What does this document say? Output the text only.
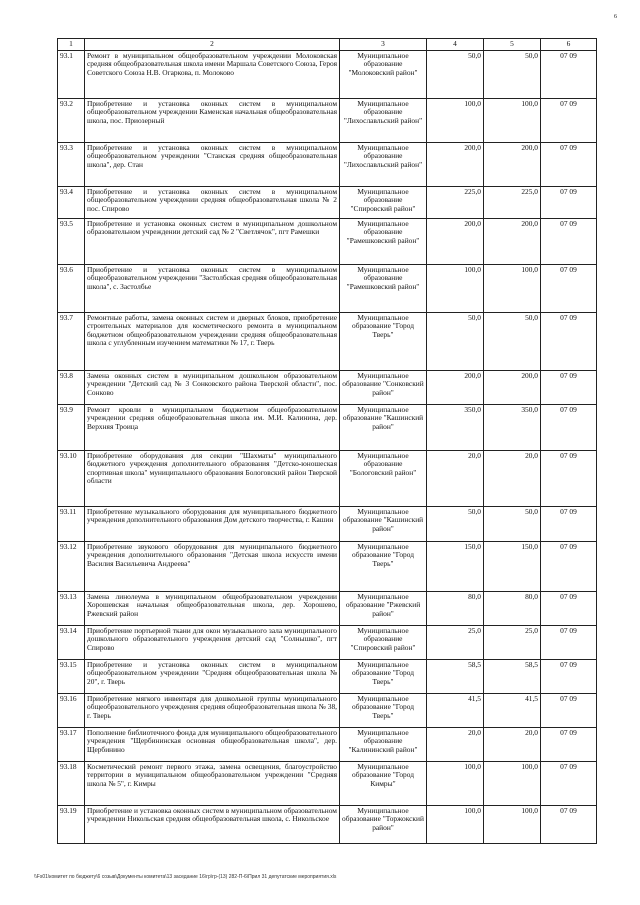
6
1	2	3	4	5	6
93.1	Ремонт в муниципальном общеобразовательном учреждении Молоковская средняя общеобразовательная школа имени Маршала Советского Союза, Героя Советского Союза Н.В. Огаркова, п. Молоково	Муниципальное образование "Молоковский район"	50,0	50,0	07 09
93.2	Приобретение и установка оконных систем в муниципальном общеобразовательном учреждении Каменская начальная общеобразовательная школа, пос. Приозерный	Муниципальное образование "Лихославльский район"	100,0	100,0	07 09
93.3	Приобретение и установка оконных систем в муниципальном общеобразовательном учреждении "Станская средняя общеобразовательная школа", дер. Стан	Муниципальное образование "Лихославльский район"	200,0	200,0	07 09
93.4	Приобретение и установка оконных систем в муниципальном общеобразовательном учреждении средняя общеобразовательная школа № 2 пос. Спирово	Муниципальное образование "Спировский район"	225,0	225,0	07 09
93.5	Приобретение и установка оконных систем в муниципальном дошкольном образовательном учреждении детский сад № 2 "Светлячок", пгт Рамешки	Муниципальное образование "Рамешковский район"	200,0	200,0	07 09
93.6	Приобретение и установка оконных систем в муниципальном общеобразовательном учреждении "Застолбская средняя общеобразовательная школа", с. Застолбье	Муниципальное образование "Рамешковский район"	100,0	100,0	07 09
93.7	Ремонтные работы, замена оконных систем и дверных блоков, приобретение строительных материалов для косметического ремонта в муниципальном бюджетном общеобразовательном учреждении средняя общеобразовательная школа с углубленным изучением математики № 17, г. Тверь	Муниципальное образование "Город Тверь"	50,0	50,0	07 09
93.8	Замена оконных систем в муниципальном дошкольном образовательном учреждении "Детский сад № 3 Сонковского района Тверской области", пос. Сонково	Муниципальное образование "Сонковский район"	200,0	200,0	07 09
93.9	Ремонт кровли в муниципальном бюджетном общеобразовательном учреждении средняя общеобразовательная школа им. М.И. Калинина, дер. Верхняя Троица	Муниципальное образование "Кашинский район"	350,0	350,0	07 09
93.10	Приобретение оборудования для секции "Шахматы" муниципального бюджетного учреждения дополнительного образования "Детско-юношеская спортивная школа" муниципального образования Бологовский район Тверской области	Муниципальное образование "Бологовский район"	20,0	20,0	07 09
93.11	Приобретение музыкального оборудования для муниципального бюджетного учреждения дополнительного образования Дом детского творчества, г. Кашин	Муниципальное образование "Кашинский район"	50,0	50,0	07 09
93.12	Приобретение звукового оборудования для муниципального бюджетного учреждения дополнительного образования "Детская школа искусств имени Василия Васильевича Андреева"	Муниципальное образование "Город Тверь"	150,0	150,0	07 09
93.13	Замена линолеума в муниципальном общеобразовательном учреждении Хорошевская начальная общеобразовательная школа, дер. Хорошево, Ржевский район	Муниципальное образование "Ржевский район"	80,0	80,0	07 09
93.14	Приобретение портьерной ткани для окон музыкального зала муниципального дошкольного образовательного учреждения детский сад "Солнышко", пгт Спирово	Муниципальное образование "Спировский район"	25,0	25,0	07 09
93.15	Приобретение и установка оконных систем в муниципальном общеобразовательном учреждении "Средняя общеобразовательная школа № 20", г. Тверь	Муниципальное образование "Город Тверь"	58,5	58,5	07 09
93.16	Приобретение мягкого инвентаря для дошкольной группы муниципального общеобразовательного учреждения средняя общеобразовательная школа № 38, г. Тверь	Муниципальное образование "Город Тверь"	41,5	41,5	07 09
93.17	Пополнение библиотечного фонда для муниципального общеобразовательного учреждения "Щербининская основная общеобразовательная школа", дер. Щербинино	Муниципальное образование "Калининский район"	20,0	20,0	07 09
93.18	Косметический ремонт первого этажа, замена освещения, благоустройство территории в муниципальном общеобразовательном учреждении "Средняя школа № 5", г. Кимры	Муниципальное образование "Город Кимры"	100,0	100,0	07 09
93.19	Приобретение и установка оконных систем в муниципальном образовательном учреждении Никольская средняя общеобразовательная школа, с. Никольское	Муниципальное образование "Торжокский район"	100,0	100,0	07 09
\\Fs01\комитет по бюджету\6 созыв\Документы комитета\13 заседание 16\гр\гр-(13) 282-П-6\Прил 31 депутатские мероприятия.xls
